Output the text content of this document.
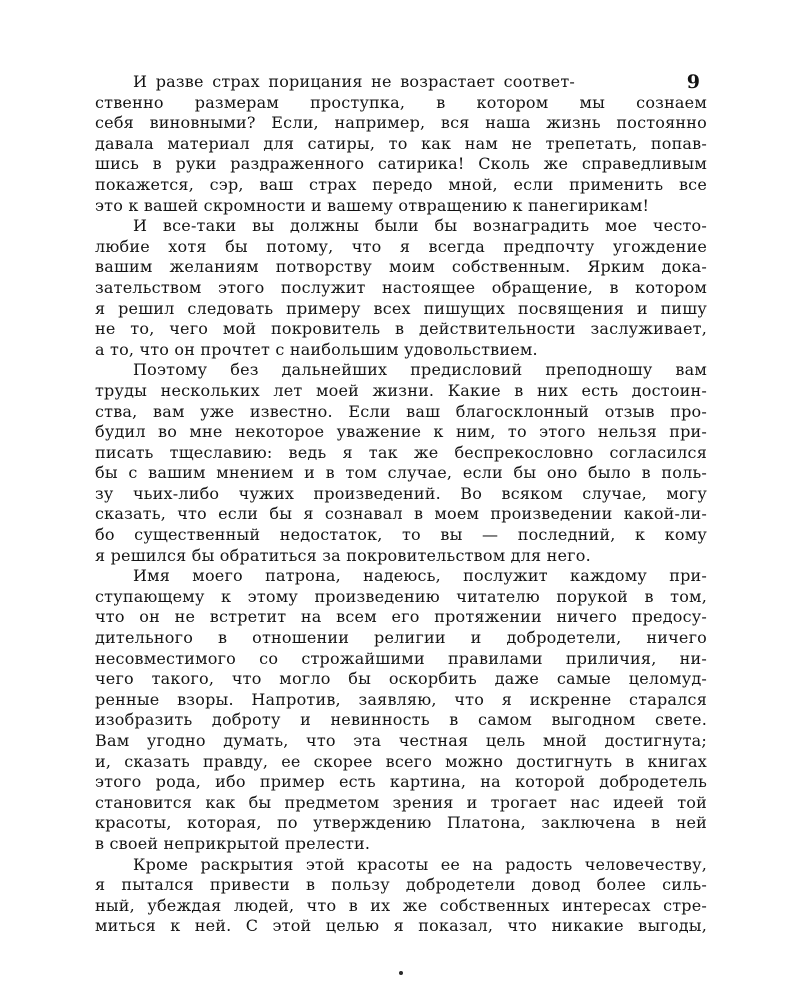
9
И разве страх порицания не возрастает соответ-
ственно размерам проступка, в котором мы сознаем
себя виновными? Если, например, вся наша жизнь постоянно
давала материал для сатиры, то как нам не трепетать, попав-
шись в руки раздраженного сатирика! Сколь же справедливым
покажется, сэр, ваш страх передо мной, если применить все
это к вашей скромности и вашему отвращению к панегирикам!
И все-таки вы должны были бы вознаградить мое често-
любие хотя бы потому, что я всегда предпочту угождение
вашим желаниям потворству моим собственным. Ярким дока-
зательством этого послужит настоящее обращение, в котором
я решил следовать примеру всех пишущих посвящения и пишу
не то, чего мой покровитель в действительности заслуживает,
а то, что он прочтет с наибольшим удовольствием.
Поэтому без дальнейших предисловий преподношу вам
труды нескольких лет моей жизни. Какие в них есть достоин-
ства, вам уже известно. Если ваш благосклонный отзыв про-
будил во мне некоторое уважение к ним, то этого нельзя при-
писать тщеславию: ведь я так же беспрекословно согласился
бы с вашим мнением и в том случае, если бы оно было в поль-
зу чьих-либо чужих произведений. Во всяком случае, могу
сказать, что если бы я сознавал в моем произведении какой-ли-
бо существенный недостаток, то вы — последний, к кому
я решился бы обратиться за покровительством для него.
Имя моего патрона, надеюсь, послужит каждому при-
ступающему к этому произведению читателю порукой в том,
что он не встретит на всем его протяжении ничего предосу-
дительного в отношении религии и добродетели, ничего
несовместимого со строжайшими правилами приличия, ни-
чего такого, что могло бы оскорбить даже самые целомуд-
ренные взоры. Напротив, заявляю, что я искренне старался
изобразить доброту и невинность в самом выгодном свете.
Вам угодно думать, что эта честная цель мной достигнута;
и, сказать правду, ее скорее всего можно достигнуть в книгах
этого рода, ибо пример есть картина, на которой добродетель
становится как бы предметом зрения и трогает нас идеей той
красоты, которая, по утверждению Платона, заключена в ней
в своей неприкрытой прелести.
Кроме раскрытия этой красоты ее на радость человечеству,
я пытался привести в пользу добродетели довод более силь-
ный, убеждая людей, что в их же собственных интересах стре-
миться к ней. С этой целью я показал, что никакие выгоды,
